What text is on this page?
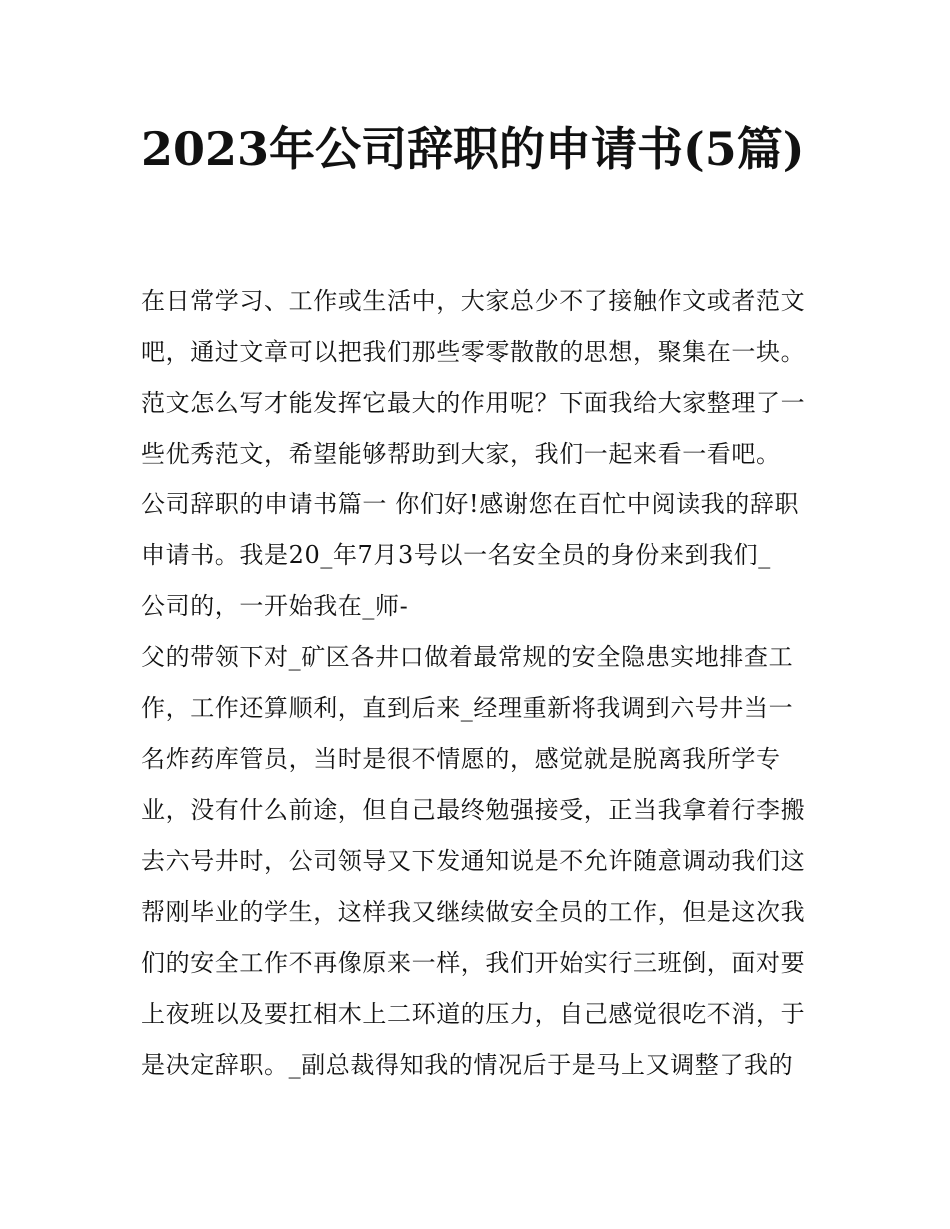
2023年公司辞职的申请书(5篇)
在日常学习、工作或生活中，大家总少不了接触作文或者范文
吧，通过文章可以把我们那些零零散散的思想，聚集在一块。
范文怎么写才能发挥它最大的作用呢？下面我给大家整理了一
些优秀范文，希望能够帮助到大家，我们一起来看一看吧。
公司辞职的申请书篇一 你们好!感谢您在百忙中阅读我的辞职
申请书。我是20_年7月3号以一名安全员的身份来到我们_
公司的，一开始我在_师-
父的带领下对_矿区各井口做着最常规的安全隐患实地排查工
作，工作还算顺利，直到后来_经理重新将我调到六号井当一
名炸药库管员，当时是很不情愿的，感觉就是脱离我所学专
业，没有什么前途，但自己最终勉强接受，正当我拿着行李搬
去六号井时，公司领导又下发通知说是不允许随意调动我们这
帮刚毕业的学生，这样我又继续做安全员的工作，但是这次我
们的安全工作不再像原来一样，我们开始实行三班倒，面对要
上夜班以及要扛相木上二环道的压力，自己感觉很吃不消，于
是决定辞职。_副总裁得知我的情况后于是马上又调整了我的
